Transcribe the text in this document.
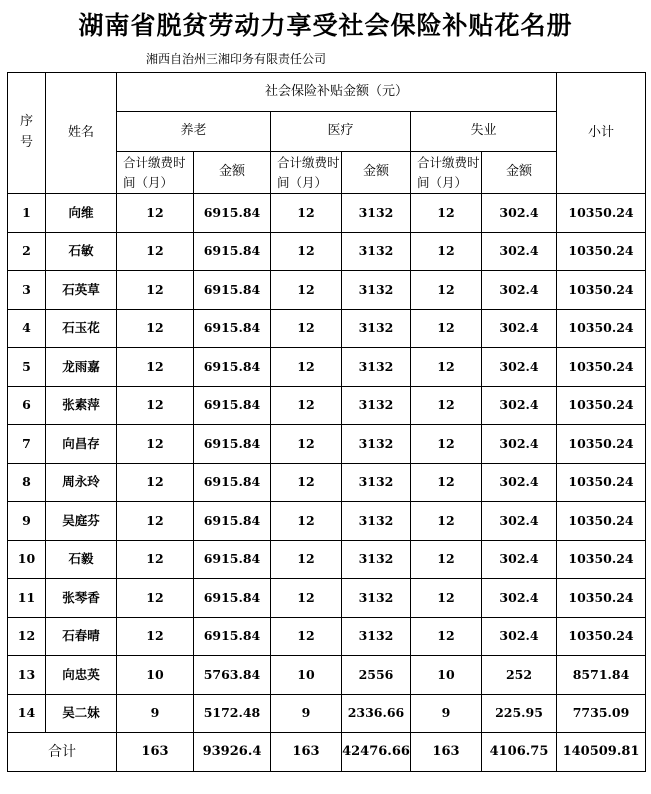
湖南省脱贫劳动力享受社会保险补贴花名册
湘西自治州三湘印务有限责任公司
序号	姓名	社会保险补贴金额（元）						小计
		养老		医疗		失业		
		合计缴费时间（月）	金额	合计缴费时间（月）	金额	合计缴费时间（月）	金额	
1	向维	12	6915.84	12	3132	12	302.4	10350.24
2	石敏	12	6915.84	12	3132	12	302.4	10350.24
3	石英草	12	6915.84	12	3132	12	302.4	10350.24
4	石玉花	12	6915.84	12	3132	12	302.4	10350.24
5	龙雨嘉	12	6915.84	12	3132	12	302.4	10350.24
6	张素萍	12	6915.84	12	3132	12	302.4	10350.24
7	向昌存	12	6915.84	12	3132	12	302.4	10350.24
8	周永玲	12	6915.84	12	3132	12	302.4	10350.24
9	吴庭芬	12	6915.84	12	3132	12	302.4	10350.24
10	石毅	12	6915.84	12	3132	12	302.4	10350.24
11	张琴香	12	6915.84	12	3132	12	302.4	10350.24
12	石春晴	12	6915.84	12	3132	12	302.4	10350.24
13	向忠英	10	5763.84	10	2556	10	252	8571.84
14	吴二妹	9	5172.48	9	2336.66	9	225.95	7735.09
合计		163	93926.4	163	42476.66	163	4106.75	140509.81
